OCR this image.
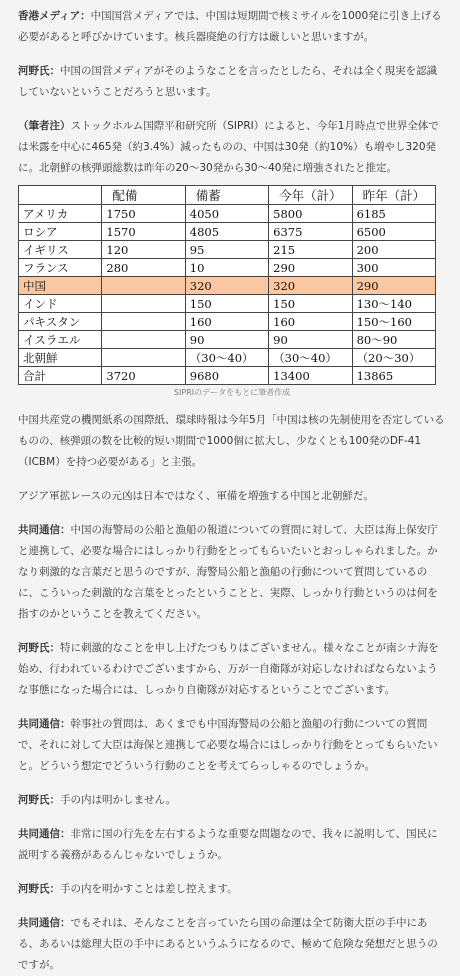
香港メディア：中国国営メディアでは、中国は短期間で核ミサイルを1000発に引き上げる必要があると呼びかけています。核兵器廃絶の行方は厳しいと思いますが。

河野氏：中国の国営メディアがそのようなことを言ったとしたら、それは全く現実を認識していないということだろうと思います。

（筆者注）ストックホルム国際平和研究所（SIPRI）によると、今年1月時点で世界全体では米露を中心に465発（約3.4%）減ったものの、中国は30発（約10%）も増やし320発に。北朝鮮の核弾頭総数は昨年の20～30発から30～40発に増強されたと推定。

	配備	備蓄	今年（計）	昨年（計）
アメリカ	1750	4050	5800	6185
ロシア	1570	4805	6375	6500
イギリス	120	95	215	200
フランス	280	10	290	300
中国		320	320	290
インド		150	150	130～140
パキスタン		160	160	150～160
イスラエル		90	90	80～90
北朝鮮		（30～40）	（30～40）	（20～30）
合計	3720	9680	13400	13865
SIPRIのデータをもとに筆者作成

中国共産党の機関紙系の国際紙、環球時報は今年5月「中国は核の先制使用を否定しているものの、核弾頭の数を比較的短い期間で1000個に拡大し、少なくとも100発のDF-41（ICBM）を持つ必要がある」と主張。

アジア軍拡レースの元凶は日本ではなく、軍備を増強する中国と北朝鮮だ。

共同通信：中国の海警局の公船と漁船の報道についての質問に対して、大臣は海上保安庁と連携して、必要な場合にはしっかり行動をとってもらいたいとおっしゃられました。かなり刺激的な言葉だと思うのですが、海警局公船と漁船の行動について質問しているのに、こういった刺激的な言葉をとったということと、実際、しっかり行動というのは何を指すのかということを教えてください。

河野氏：特に刺激的なことを申し上げたつもりはございません。様々なことが南シナ海を始め、行われているわけでございますから、万が一自衛隊が対応しなければならないような事態になった場合には、しっかり自衛隊が対応するということでございます。

共同通信：幹事社の質問は、あくまでも中国海警局の公船と漁船の行動についての質問で、それに対して大臣は海保と連携して必要な場合にはしっかり行動をとってもらいたいと。どういう想定でどういう行動のことを考えてらっしゃるのでしょうか。

河野氏：手の内は明かしません。

共同通信：非常に国の行先を左右するような重要な問題なので、我々に説明して、国民に説明する義務があるんじゃないでしょうか。

河野氏：手の内を明かすことは差し控えます。

共同通信：でもそれは、そんなことを言っていたら国の命運は全て防衛大臣の手中にある、あるいは総理大臣の手中にあるというふうになるので、極めて危険な発想だと思うのですが。
